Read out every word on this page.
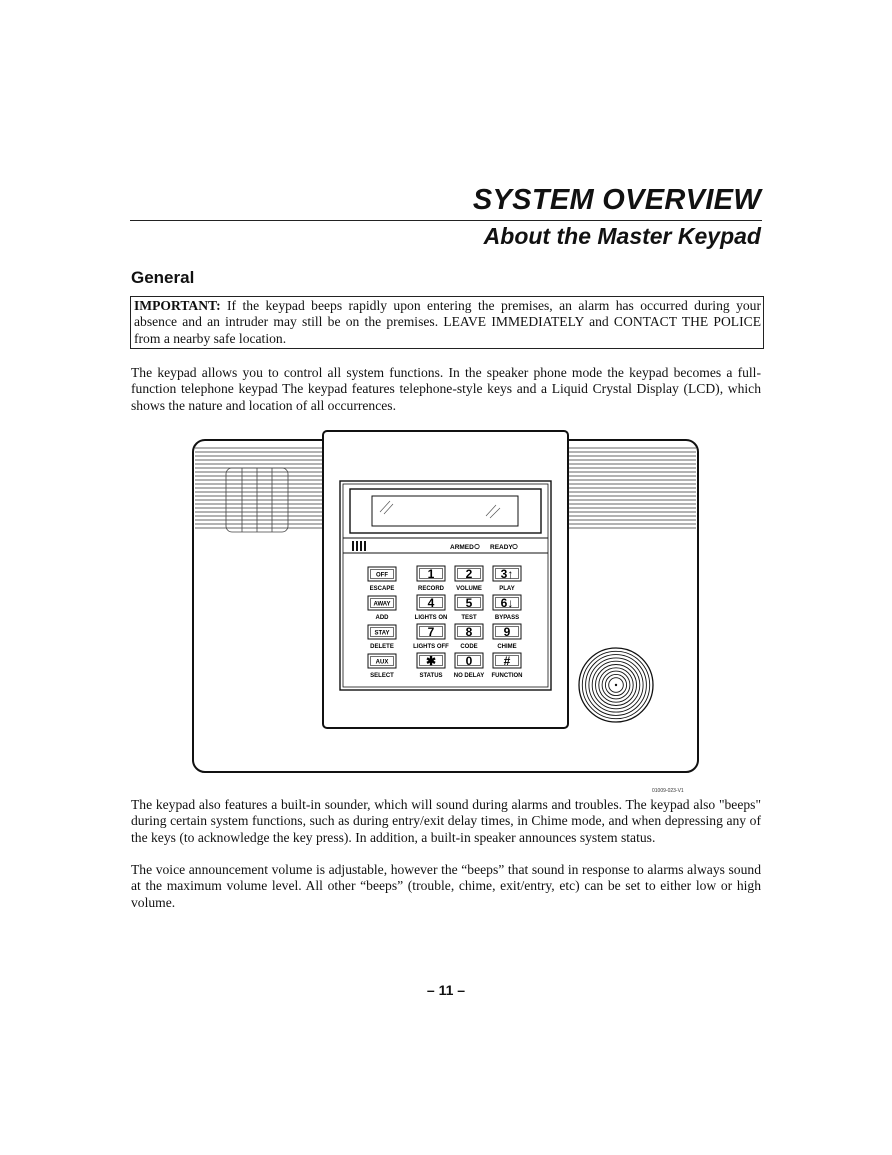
SYSTEM OVERVIEW
About the Master Keypad
General
IMPORTANT: If the keypad beeps rapidly upon entering the premises, an alarm has occurred during your absence and an intruder may still be on the premises. LEAVE IMMEDIATELY and CONTACT THE POLICE from a nearby safe location.

The keypad allows you to control all system functions. In the speaker phone mode the keypad becomes a full-function telephone keypad The keypad features telephone-style keys and a Liquid Crystal Display (LCD), which shows the nature and location of all occurrences.

ARMED READY
OFF
ESCAPE
AWAY
ADD
STAY
DELETE
AUX
SELECT
1
RECORD
2
VOLUME
3↑
PLAY
4
LIGHTS ON
5
TEST
6↓
BYPASS
7
LIGHTS OFF
8
CODE
9
CHIME
✱
STATUS
0
NO DELAY
#
FUNCTION
01009-023-V1

The keypad also features a built-in sounder, which will sound during alarms and troubles. The keypad also "beeps" during certain system functions, such as during entry/exit delay times, in Chime mode, and when depressing any of the keys (to acknowledge the key press). In addition, a built-in speaker announces system status.

The voice announcement volume is adjustable, however the “beeps” that sound in response to alarms always sound at the maximum volume level. All other “beeps” (trouble, chime, exit/entry, etc) can be set to either low or high volume.

– 11 –
